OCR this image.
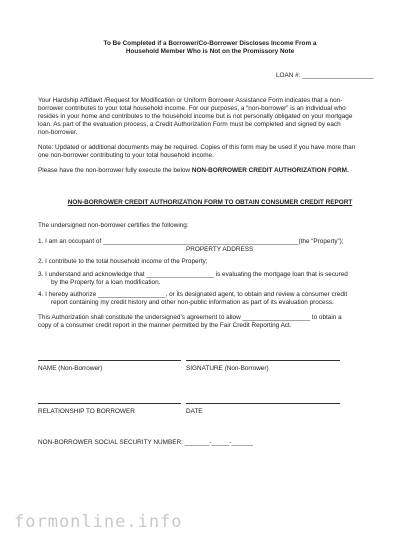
To Be Completed if a Borrower/Co-Borrower Discloses Income From a
Household Member Who is Not on the Promissory Note
LOAN #: ____________________
Your Hardship Affidavit /Request for Modification or Uniform Borrower Assistance Form indicates that a non-
borrower contributes to your total household income. For our purposes, a “non-borrower” is an individual who
resides in your home and contributes to the household income but is not personally obligated on your mortgage
loan. As part of the evaluation process, a Credit Authorization Form must be completed and signed by each
non-borrower.
Note: Updated or additional documents may be required. Copies of this form may be used if you have more than
one non-borrower contributing to your total household income.
Please have the non-borrower fully execute the below NON-BORROWER CREDIT AUTHORIZATION FORM.
NON-BORROWER CREDIT AUTHORIZATION FORM TO OBTAIN CONSUMER CREDIT REPORT
The undersigned non-borrower certifies the following:
1. I am an occupant of _______________________________________________________(the “Property”);
PROPERTY ADDRESS
2. I contribute to the total household income of the Property;
3. I understand and acknowledge that ___________________ is evaluating the mortgage loan that is secured
by the Property for a loan modification.
4. I hereby authorize ___________________, or its designated agent, to obtain and review a consumer credit
report containing my credit history and other non-public information as part of its evaluation process.
This Authorization shall constitute the undersigned’s agreement to allow ___________________ to obtain a
copy of a consumer credit report in the manner permitted by the Fair Credit Reporting Act.
NAME (Non-Borrower)	SIGNATURE (Non-Borrower)
RELATIONSHIP TO BORROWER	DATE
NON-BORROWER SOCIAL SECURITY NUMBER: _______-_____-______
formonline.info
